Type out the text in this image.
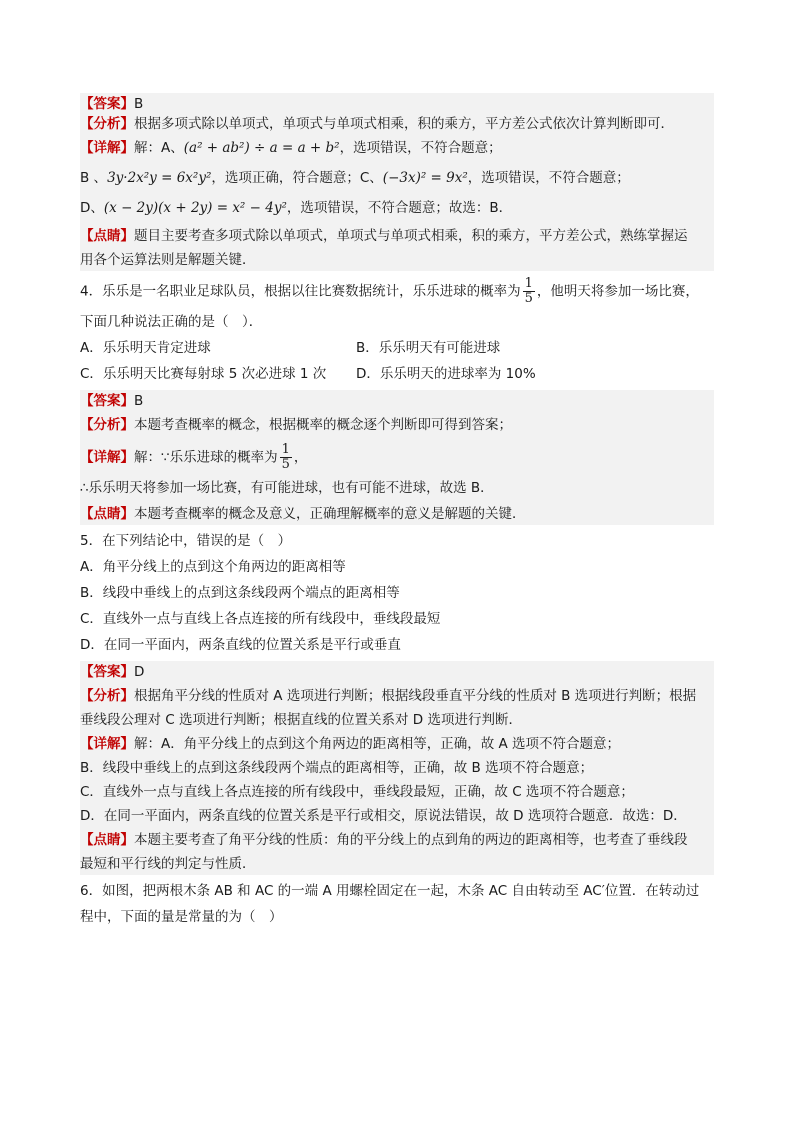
【答案】B
【分析】根据多项式除以单项式，单项式与单项式相乘，积的乘方，平方差公式依次计算判断即可．
【详解】解：A、(a² + ab²) ÷ a = a + b²，选项错误，不符合题意；
B 、3y·2x²y = 6x²y²，选项正确，符合题意；C、(−3x)² = 9x²，选项错误，不符合题意；
D、(x − 2y)(x + 2y) = x² − 4y²，选项错误，不符合题意；故选：B．
【点睛】题目主要考查多项式除以单项式，单项式与单项式相乘，积的乘方，平方差公式，熟练掌握运
用各个运算法则是解题关键．
4．乐乐是一名职业足球队员，根据以往比赛数据统计，乐乐进球的概率为 $\frac{1}{5}$ ，他明天将参加一场比赛，
下面几种说法正确的是（　）．
A．乐乐明天肯定进球	B．乐乐明天有可能进球
C．乐乐明天比赛每射球 5 次必进球 1 次	D．乐乐明天的进球率为 10%
【答案】B
【分析】本题考查概率的概念，根据概率的概念逐个判断即可得到答案；
【详解】解：∵乐乐进球的概率为 $\frac{1}{5}$ ，
∴乐乐明天将参加一场比赛，有可能进球，也有可能不进球，故选 B．
【点睛】本题考查概率的概念及意义，正确理解概率的意义是解题的关键．
5．在下列结论中，错误的是（　）
A．角平分线上的点到这个角两边的距离相等
B．线段中垂线上的点到这条线段两个端点的距离相等
C．直线外一点与直线上各点连接的所有线段中，垂线段最短
D．在同一平面内，两条直线的位置关系是平行或垂直
【答案】D
【分析】根据角平分线的性质对 A 选项进行判断；根据线段垂直平分线的性质对 B 选项进行判断；根据
垂线段公理对 C 选项进行判断；根据直线的位置关系对 D 选项进行判断．
【详解】解：A．角平分线上的点到这个角两边的距离相等，正确，故 A 选项不符合题意；
B．线段中垂线上的点到这条线段两个端点的距离相等，正确，故 B 选项不符合题意；
C．直线外一点与直线上各点连接的所有线段中，垂线段最短，正确，故 C 选项不符合题意；
D．在同一平面内，两条直线的位置关系是平行或相交，原说法错误，故 D 选项符合题意．故选：D．
【点睛】本题主要考查了角平分线的性质：角的平分线上的点到角的两边的距离相等，也考查了垂线段
最短和平行线的判定与性质．
6．如图，把两根木条 AB 和 AC 的一端 A 用螺栓固定在一起，木条 AC 自由转动至 AC′位置．在转动过
程中，下面的量是常量的为（　）
